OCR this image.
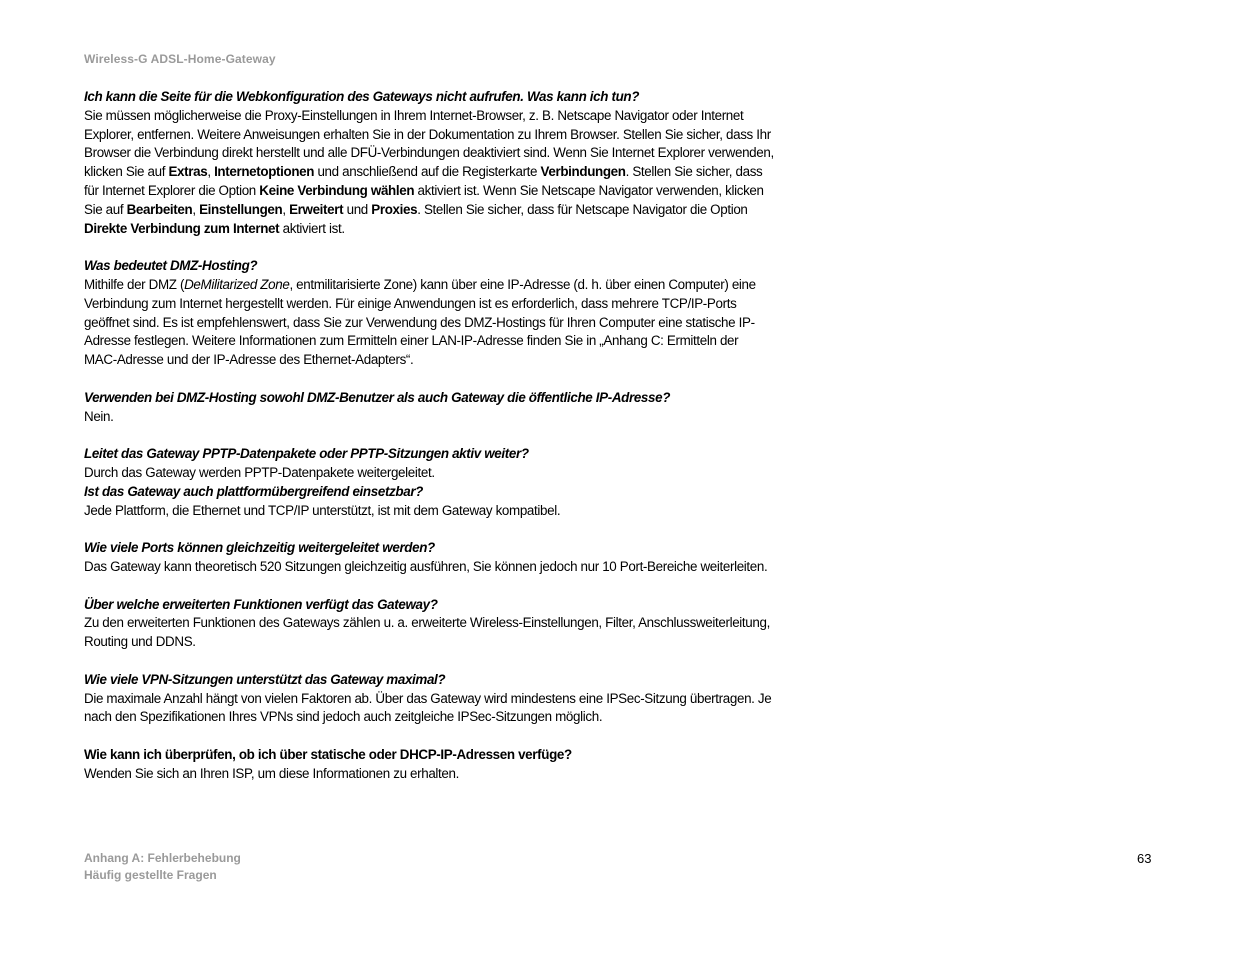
Wireless-G ADSL-Home-Gateway

Ich kann die Seite für die Webkonfiguration des Gateways nicht aufrufen. Was kann ich tun?

Sie müssen möglicherweise die Proxy-Einstellungen in Ihrem Internet-Browser, z. B. Netscape Navigator oder Internet Explorer, entfernen. Weitere Anweisungen erhalten Sie in der Dokumentation zu Ihrem Browser. Stellen Sie sicher, dass Ihr Browser die Verbindung direkt herstellt und alle DFÜ-Verbindungen deaktiviert sind. Wenn Sie Internet Explorer verwenden, klicken Sie auf Extras, Internetoptionen und anschließend auf die Registerkarte Verbindungen. Stellen Sie sicher, dass für Internet Explorer die Option Keine Verbindung wählen aktiviert ist. Wenn Sie Netscape Navigator verwenden, klicken Sie auf Bearbeiten, Einstellungen, Erweitert und Proxies. Stellen Sie sicher, dass für Netscape Navigator die Option Direkte Verbindung zum Internet aktiviert ist.

Was bedeutet DMZ-Hosting?

Mithilfe der DMZ (DeMilitarized Zone, entmilitarisierte Zone) kann über eine IP-Adresse (d. h. über einen Computer) eine Verbindung zum Internet hergestellt werden. Für einige Anwendungen ist es erforderlich, dass mehrere TCP/IP-Ports geöffnet sind. Es ist empfehlenswert, dass Sie zur Verwendung des DMZ-Hostings für Ihren Computer eine statische IP-Adresse festlegen. Weitere Informationen zum Ermitteln einer LAN-IP-Adresse finden Sie in „Anhang C: Ermitteln der MAC-Adresse und der IP-Adresse des Ethernet-Adapters“.

Verwenden bei DMZ-Hosting sowohl DMZ-Benutzer als auch Gateway die öffentliche IP-Adresse?

Nein.

Leitet das Gateway PPTP-Datenpakete oder PPTP-Sitzungen aktiv weiter?

Durch das Gateway werden PPTP-Datenpakete weitergeleitet.

Ist das Gateway auch plattformübergreifend einsetzbar?

Jede Plattform, die Ethernet und TCP/IP unterstützt, ist mit dem Gateway kompatibel.

Wie viele Ports können gleichzeitig weitergeleitet werden?

Das Gateway kann theoretisch 520 Sitzungen gleichzeitig ausführen, Sie können jedoch nur 10 Port-Bereiche weiterleiten.

Über welche erweiterten Funktionen verfügt das Gateway?

Zu den erweiterten Funktionen des Gateways zählen u. a. erweiterte Wireless-Einstellungen, Filter, Anschlussweiterleitung, Routing und DDNS.

Wie viele VPN-Sitzungen unterstützt das Gateway maximal?

Die maximale Anzahl hängt von vielen Faktoren ab. Über das Gateway wird mindestens eine IPSec-Sitzung übertragen. Je nach den Spezifikationen Ihres VPNs sind jedoch auch zeitgleiche IPSec-Sitzungen möglich.

Wie kann ich überprüfen, ob ich über statische oder DHCP-IP-Adressen verfüge?

Wenden Sie sich an Ihren ISP, um diese Informationen zu erhalten.

Anhang A: Fehlerbehebung
Häufig gestellte Fragen
63
